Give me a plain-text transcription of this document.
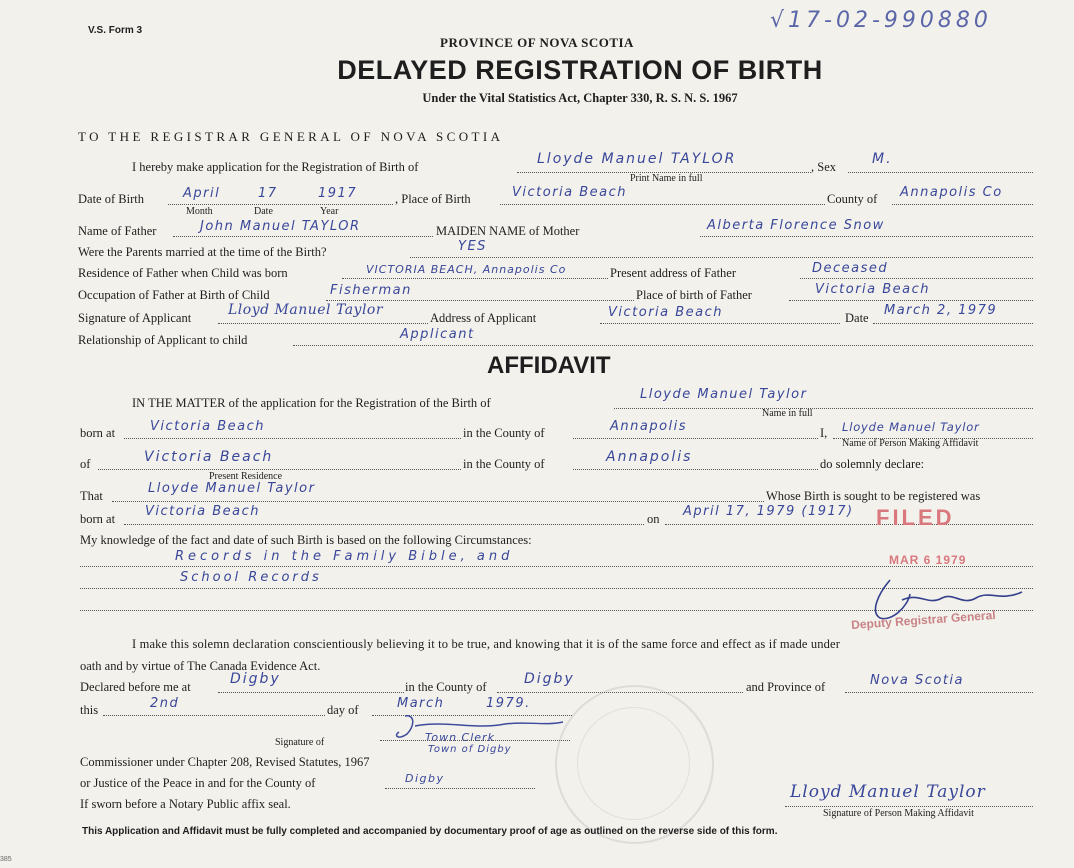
V.S. Form 3	√17-02-990880
PROVINCE OF NOVA SCOTIA
DELAYED REGISTRATION OF BIRTH
Under the Vital Statistics Act, Chapter 330, R. S. N. S. 1967
TO THE REGISTRAR GENERAL OF NOVA SCOTIA
I hereby make application for the Registration of Birth of	Lloyde Manuel TAYLOR
Print Name in full
, Sex	M.
Date of Birth	April	17	1917
Month	Date	Year
, Place of Birth	Victoria Beach	County of Annapolis Co
Name of Father	John Manuel TAYLOR	MAIDEN NAME of Mother	Alberta Florence Snow
Were the Parents married at the time of the Birth?	YES
Residence of Father when Child was born	VICTORIA BEACH, Annapolis Co	Present address of Father	Deceased
Occupation of Father at Birth of Child	Fisherman	Place of birth of Father	Victoria Beach
Signature of Applicant	Lloyd Manuel Taylor	Address of Applicant	Victoria Beach	Date March 2, 1979
Relationship of Applicant to child	Applicant
AFFIDAVIT
IN THE MATTER of the application for the Registration of the Birth of
Lloyde Manuel Taylor
Name in full
born at	Victoria Beach	in the County of	Annapolis	I, Lloyde Manuel Taylor
Name of Person Making Affidavit
of	Victoria Beach
Present Residence
in the County of	Annapolis	do solemnly declare:
That	Lloyde Manuel Taylor	Whose Birth is sought to be registered was
born at Victoria Beach	on April 17, 1979 (1917)
My knowledge of the fact and date of such Birth is based on the following Circumstances:
Records in the Family Bible, and
School Records
I make this solemn declaration conscientiously believing it to be true, and knowing that it is of the same force and effect as if made under
oath and by virtue of The Canada Evidence Act.
Declared before me at	Digby	in the County of	Digby	and Province of	Nova Scotia
this	2nd	day of	March	1979.
Town Clerk
Town of Digby
Signature of
Commissioner under Chapter 208, Revised Statutes, 1967
or Justice of the Peace in and for the County of	Digby
If sworn before a Notary Public affix seal.
Lloyd Manuel Taylor
Signature of Person Making Affidavit
FILED
MAR 6 1979
Deputy Registrar General
This Application and Affidavit must be fully completed and accompanied by documentary proof of age as outlined on the reverse side of this form.
385
